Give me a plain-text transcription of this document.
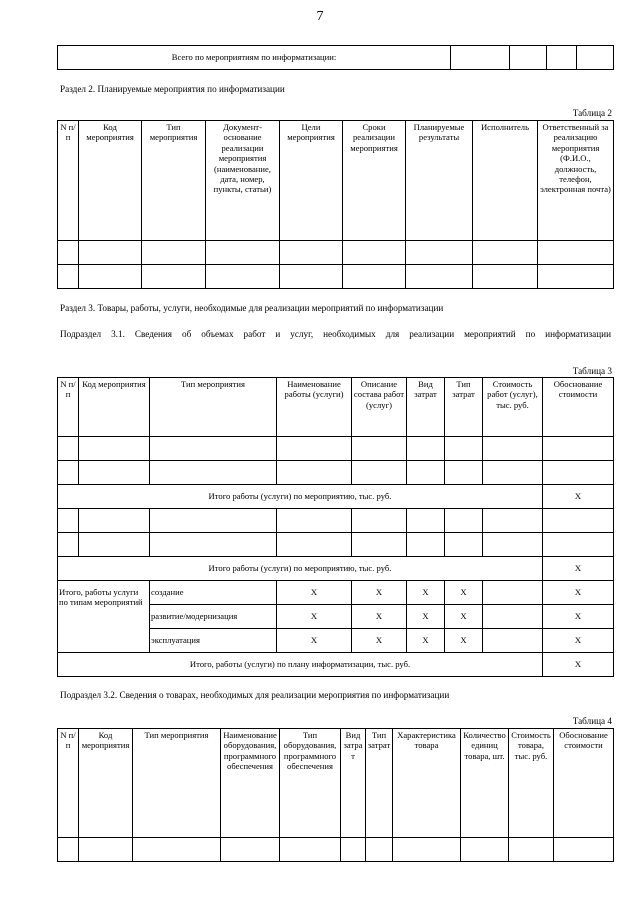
7
Всего по мероприятиям по информатизации:				
Раздел 2. Планируемые мероприятия по информатизации
Таблица 2
N п/п	Код мероприятия	Тип мероприятия	Документ-основание реализации мероприятия (наименование, дата, номер, пункты, статьи)	Цели мероприятия	Сроки реализации мероприятия	Планируемые результаты	Исполнитель	Ответственный за реализацию мероприятия (Ф.И.О., должность, телефон, электронная почта)

Раздел 3. Товары, работы, услуги, необходимые для реализации мероприятий по информатизации
Подраздел 3.1. Сведения об объемах работ и услуг, необходимых для реализации мероприятий по информатизации
Таблица 3
N п/п	Код мероприятия	Тип мероприятия	Наименование работы (услуги)	Описание состава работ (услуг)	Вид затрат	Тип затрат	Стоимость работ (услуг), тыс. руб.	Обоснование стоимости

Итого работы (услуги) по мероприятию, тыс. руб.								Х

Итого работы (услуги) по мероприятию, тыс. руб.								Х
Итого, работы услуги по типам мероприятий		создание	Х	Х	Х	Х		Х
		развитие/модернизация	Х	Х	Х	Х		Х
		эксплуатация	Х	Х	Х	Х		Х
Итого, работы (услуги) по плану информатизации, тыс. руб.								Х
Подраздел 3.2. Сведения о товарах, необходимых для реализации мероприятия по информатизации
Таблица 4
N п/п	Код мероприятия	Тип мероприятия	Наименование оборудования, программного обеспечения	Тип оборудования, программного обеспечения	Вид затрат	Тип затрат	Характеристика товара	Количество единиц товара, шт.	Стоимость товара, тыс. руб.	Обоснование стоимости
